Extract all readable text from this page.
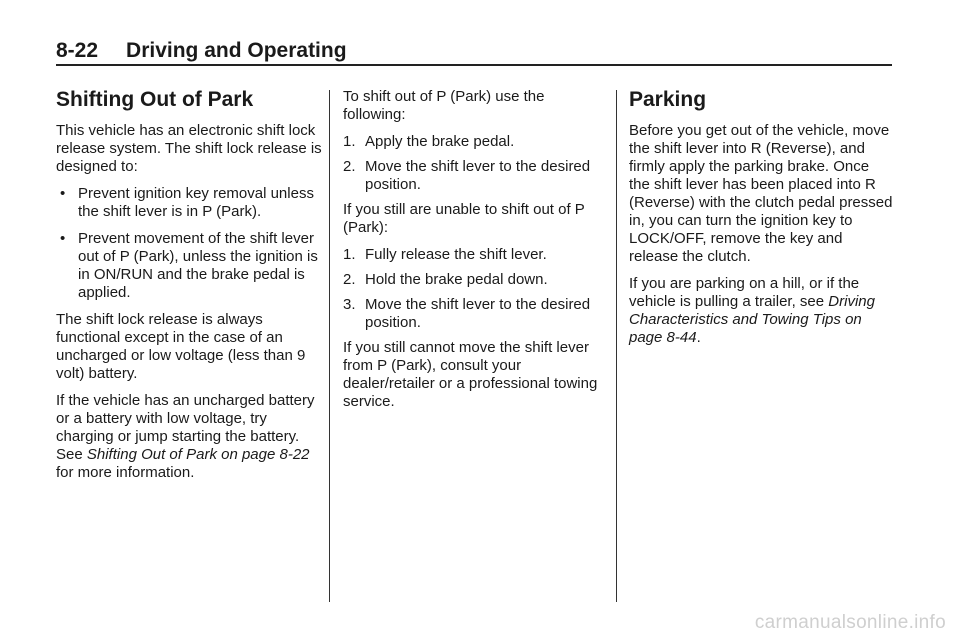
8-22 Driving and Operating
Shifting Out of Park

This vehicle has an electronic shift lock release system. The shift lock release is designed to:

• Prevent ignition key removal unless the shift lever is in P (Park).
• Prevent movement of the shift lever out of P (Park), unless the ignition is in ON/RUN and the brake pedal is applied.

The shift lock release is always functional except in the case of an uncharged or low voltage (less than 9 volt) battery.

If the vehicle has an uncharged battery or a battery with low voltage, try charging or jump starting the battery. See Shifting Out of Park on page 8-22 for more information.

To shift out of P (Park) use the following:

1. Apply the brake pedal.
2. Move the shift lever to the desired position.

If you still are unable to shift out of P (Park):

1. Fully release the shift lever.
2. Hold the brake pedal down.
3. Move the shift lever to the desired position.

If you still cannot move the shift lever from P (Park), consult your dealer/retailer or a professional towing service.

Parking

Before you get out of the vehicle, move the shift lever into R (Reverse), and firmly apply the parking brake. Once the shift lever has been placed into R (Reverse) with the clutch pedal pressed in, you can turn the ignition key to LOCK/OFF, remove the key and release the clutch.

If you are parking on a hill, or if the vehicle is pulling a trailer, see Driving Characteristics and Towing Tips on page 8-44.

carmanualsonline.info
